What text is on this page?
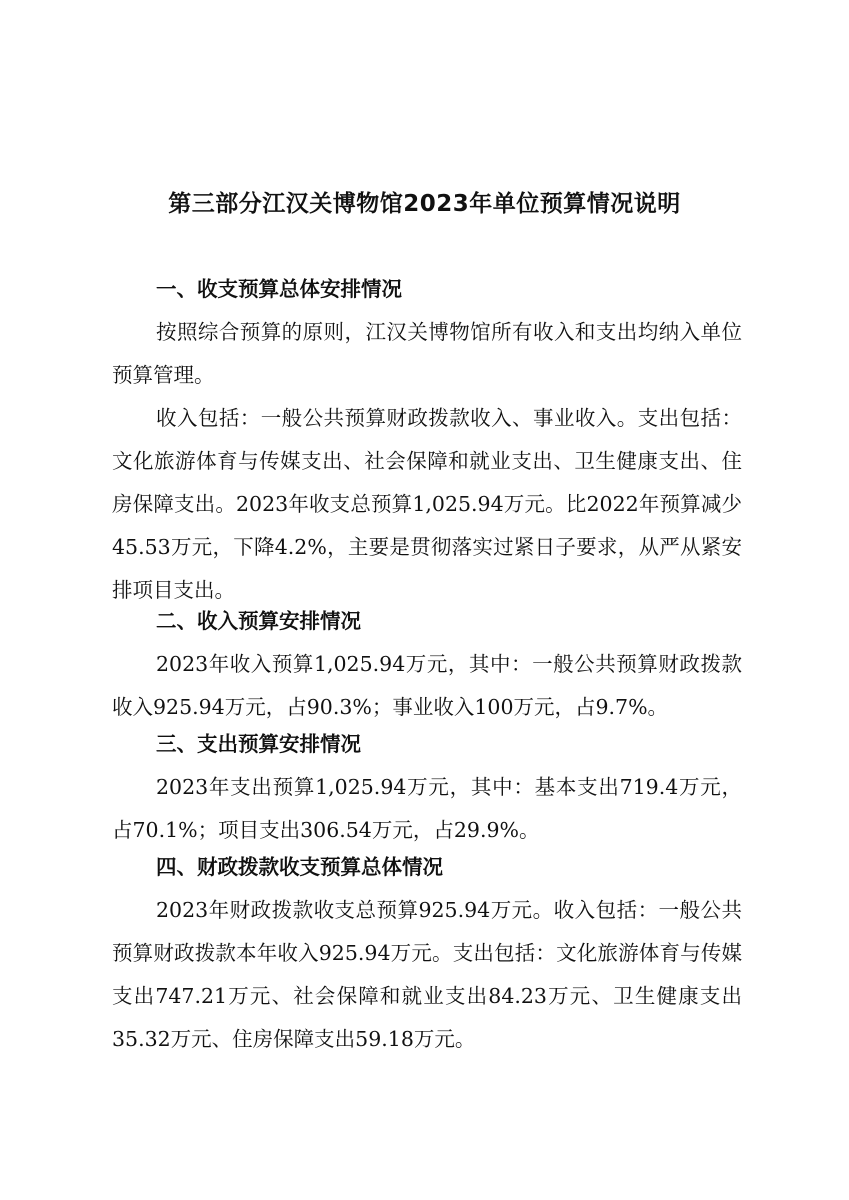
第三部分江汉关博物馆2023年单位预算情况说明
一、收支预算总体安排情况

按照综合预算的原则，江汉关博物馆所有收入和支出均纳入单位预算管理。

收入包括：一般公共预算财政拨款收入、事业收入。支出包括：文化旅游体育与传媒支出、社会保障和就业支出、卫生健康支出、住房保障支出。2023年收支总预算1,025.94万元。比2022年预算减少45.53万元，下降4.2%，主要是贯彻落实过紧日子要求，从严从紧安排项目支出。

二、收入预算安排情况

2023年收入预算1,025.94万元，其中：一般公共预算财政拨款收入925.94万元，占90.3%；事业收入100万元，占9.7%。

三、支出预算安排情况

2023年支出预算1,025.94万元，其中：基本支出719.4万元，占70.1%；项目支出306.54万元，占29.9%。

四、财政拨款收支预算总体情况

2023年财政拨款收支总预算925.94万元。收入包括：一般公共预算财政拨款本年收入925.94万元。支出包括：文化旅游体育与传媒支出747.21万元、社会保障和就业支出84.23万元、卫生健康支出35.32万元、住房保障支出59.18万元。
